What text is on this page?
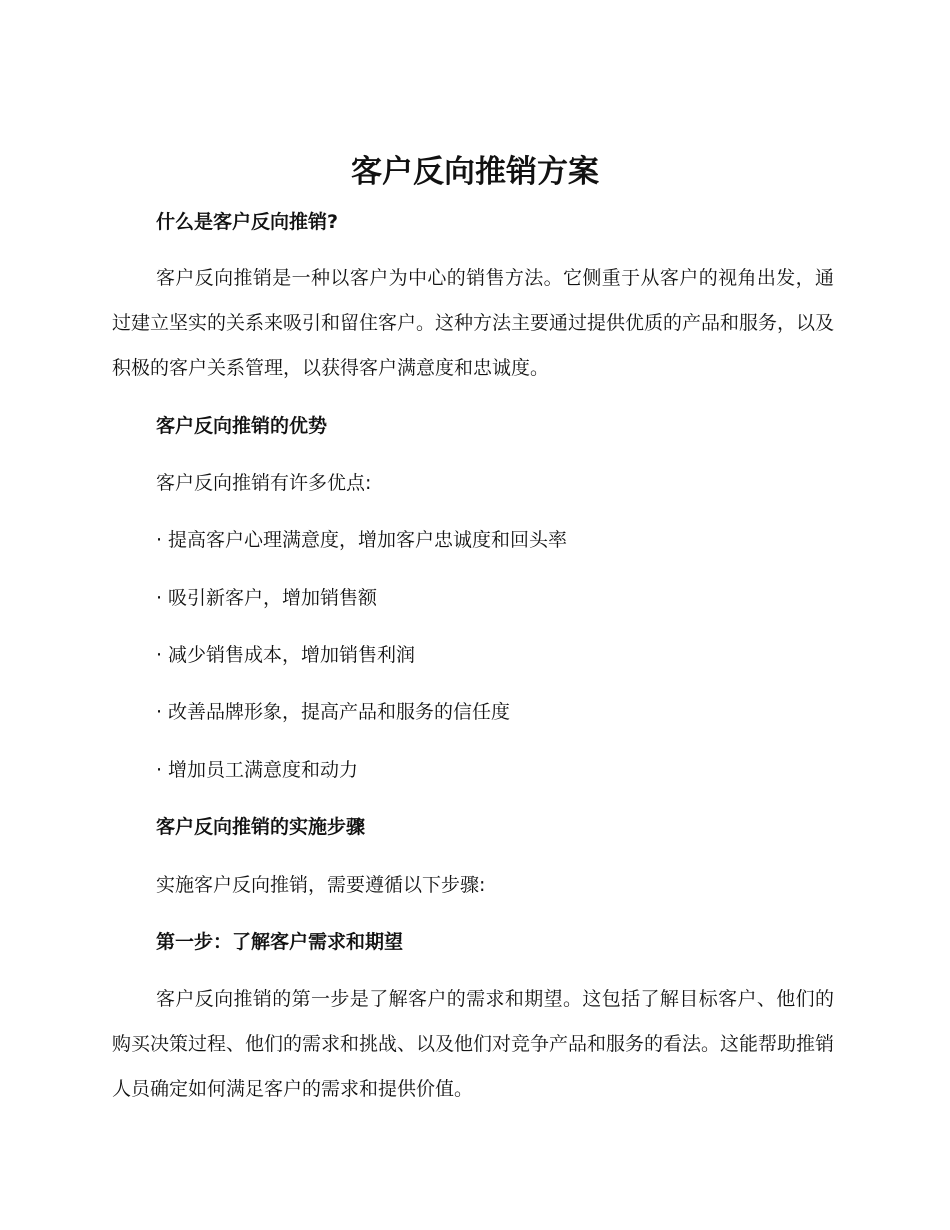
客户反向推销方案
什么是客户反向推销?

客户反向推销是一种以客户为中心的销售方法。它侧重于从客户的视角出发，通过建立坚实的关系来吸引和留住客户。这种方法主要通过提供优质的产品和服务，以及积极的客户关系管理，以获得客户满意度和忠诚度。

客户反向推销的优势

客户反向推销有许多优点:

· 提高客户心理满意度，增加客户忠诚度和回头率
· 吸引新客户，增加销售额
· 减少销售成本，增加销售利润
· 改善品牌形象，提高产品和服务的信任度
· 增加员工满意度和动力
客户反向推销的实施步骤

实施客户反向推销，需要遵循以下步骤:

第一步：了解客户需求和期望

客户反向推销的第一步是了解客户的需求和期望。这包括了解目标客户、他们的购买决策过程、他们的需求和挑战、以及他们对竞争产品和服务的看法。这能帮助推销人员确定如何满足客户的需求和提供价值。
